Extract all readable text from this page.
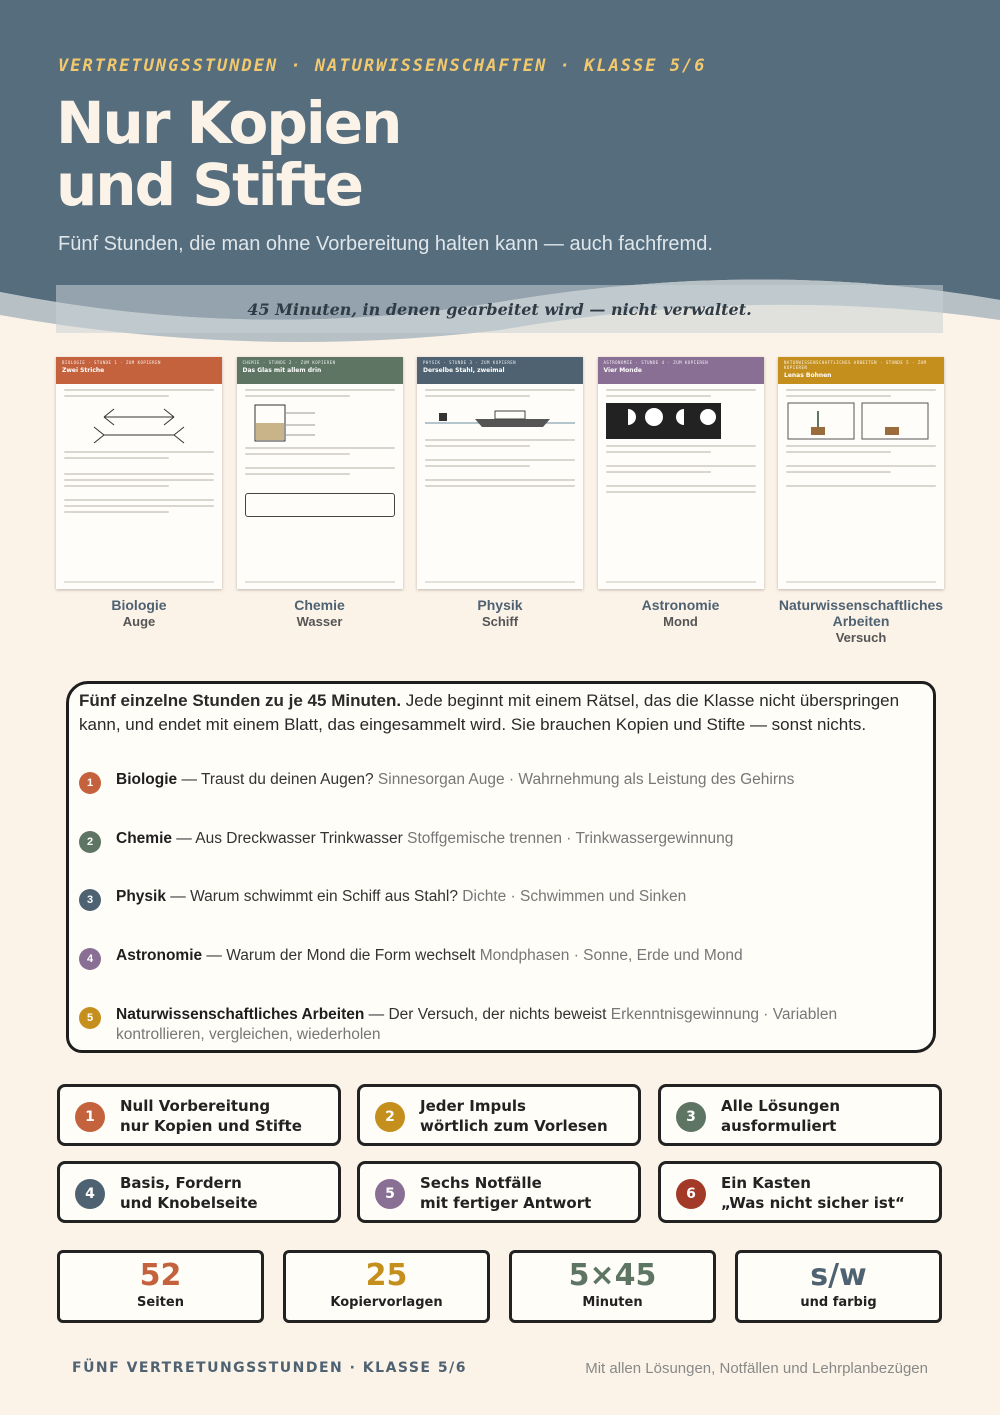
VERTRETUNGSSTUNDEN · NATURWISSENSCHAFTEN · KLASSE 5/6
Nur Kopien
und Stifte
Fünf Stunden, die man ohne Vorbereitung halten kann — auch fachfremd.
45 Minuten, in denen gearbeitet wird — nicht verwaltet.
BIOLOGIE · STUNDE 1 · ZUM KOPIEREN
Zwei Striche
Biologie
Auge
CHEMIE · STUNDE 2 · ZUM KOPIEREN
Das Glas mit allem drin
Chemie
Wasser
PHYSIK · STUNDE 3 · ZUM KOPIEREN
Derselbe Stahl, zweimal
Physik
Schiff
ASTRONOMIE · STUNDE 4 · ZUM KOPIEREN
Vier Monde
Astronomie
Mond
NATURWISSENSCHAFTLICHES ARBEITEN · STUNDE 5 · ZUM KOPIEREN
Lenas Bohnen
Naturwissenschaftliches Arbeiten
Versuch
Fünf einzelne Stunden zu je 45 Minuten. Jede beginnt mit einem Rätsel, das die Klasse nicht überspringen kann, und endet mit einem Blatt, das eingesammelt wird. Sie brauchen Kopien und Stifte — sonst nichts.
1	Biologie — Traust du deinen Augen? Sinnesorgan Auge · Wahrnehmung als Leistung des Gehirns
2	Chemie — Aus Dreckwasser Trinkwasser Stoffgemische trennen · Trinkwassergewinnung
3	Physik — Warum schwimmt ein Schiff aus Stahl? Dichte · Schwimmen und Sinken
4	Astronomie — Warum der Mond die Form wechselt Mondphasen · Sonne, Erde und Mond
5	Naturwissenschaftliches Arbeiten — Der Versuch, der nichts beweist Erkenntnisgewinnung · Variablen kontrollieren, vergleichen, wiederholen
1
Null Vorbereitung
nur Kopien und Stifte	2
Jeder Impuls
wörtlich zum Vorlesen	3
Alle Lösungen
ausformuliert
4
Basis, Fordern
und Knobelseite	5
Sechs Notfälle
mit fertiger Antwort	6
Ein Kasten
„Was nicht sicher ist“
52
Seiten
25
Kopiervorlagen
5×45
Minuten
s/w
und farbig
FÜNF VERTRETUNGSSTUNDEN · KLASSE 5/6	Mit allen Lösungen, Notfällen und Lehrplanbezügen
